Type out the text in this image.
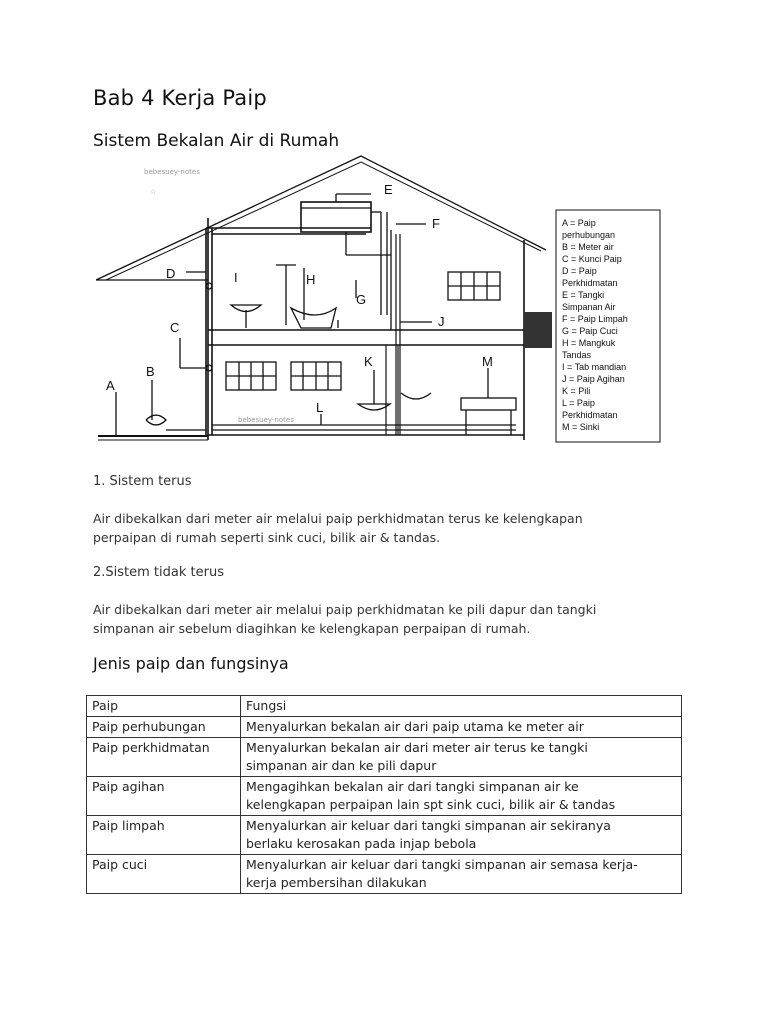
Bab 4 Kerja Paip
Sistem Bekalan Air di Rumah
☆
bebesuey-notes
bebesuey-notes
A
B
C
D
E
F
G
H
I
J
K
L
M
A = Paip
perhubungan
B = Meter air
C = Kunci Paip
D = Paip
Perkhidmatan
E = Tangki
Simpanan Air
F = Paip Limpah
G = Paip Cuci
H = Mangkuk
Tandas
I = Tab mandian
J = Paip Agihan
K = Pili
L = Paip
Perkhidmatan
M = Sinki
1. Sistem terus
Air dibekalkan dari meter air melalui paip perkhidmatan terus ke kelengkapan
perpaipan di rumah seperti sink cuci, bilik air & tandas.
2.Sistem tidak terus
Air dibekalkan dari meter air melalui paip perkhidmatan ke pili dapur dan tangki
simpanan air sebelum diagihkan ke kelengkapan perpaipan di rumah.
Jenis paip dan fungsinya
Paip	Fungsi
Paip perhubungan	Menyalurkan bekalan air dari paip utama ke meter air

Paip perkhidmatan	Menyalurkan bekalan air dari meter air terus ke tangki
simpanan air dan ke pili dapur

Paip agihan	Mengagihkan bekalan air dari tangki simpanan air ke
kelengkapan perpaipan lain spt sink cuci, bilik air & tandas

Paip limpah	Menyalurkan air keluar dari tangki simpanan air sekiranya
berlaku kerosakan pada injap bebola

Paip cuci	Menyalurkan air keluar dari tangki simpanan air semasa kerja-
kerja pembersihan dilakukan
